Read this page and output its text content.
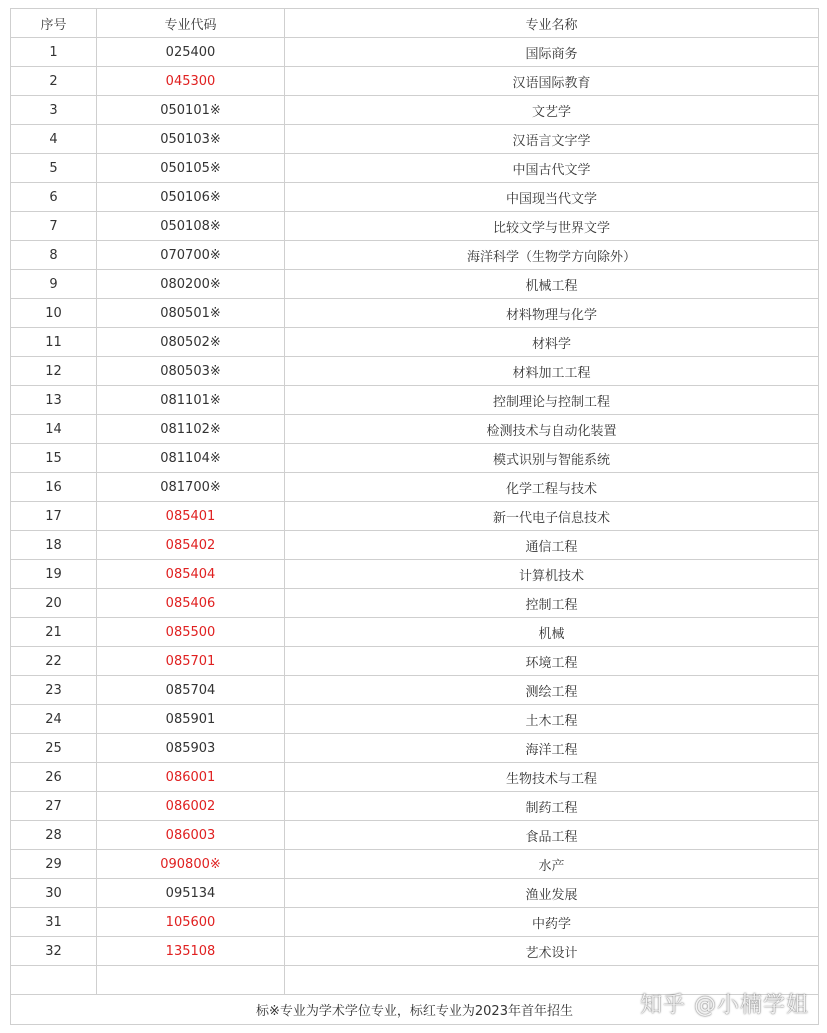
序号	专业代码	专业名称
1	025400	国际商务
2	045300	汉语国际教育
3	050101※	文艺学
4	050103※	汉语言文字学
5	050105※	中国古代文学
6	050106※	中国现当代文学
7	050108※	比较文学与世界文学
8	070700※	海洋科学（生物学方向除外）
9	080200※	机械工程
10	080501※	材料物理与化学
11	080502※	材料学
12	080503※	材料加工工程
13	081101※	控制理论与控制工程
14	081102※	检测技术与自动化装置
15	081104※	模式识别与智能系统
16	081700※	化学工程与技术
17	085401	新一代电子信息技术
18	085402	通信工程
19	085404	计算机技术
20	085406	控制工程
21	085500	机械
22	085701	环境工程
23	085704	测绘工程
24	085901	土木工程
25	085903	海洋工程
26	086001	生物技术与工程
27	086002	制药工程
28	086003	食品工程
29	090800※	水产
30	095134	渔业发展
31	105600	中药学
32	135108	艺术设计

标※专业为学术学位专业，标红专业为2023年首年招生			知乎 @小楠学姐
